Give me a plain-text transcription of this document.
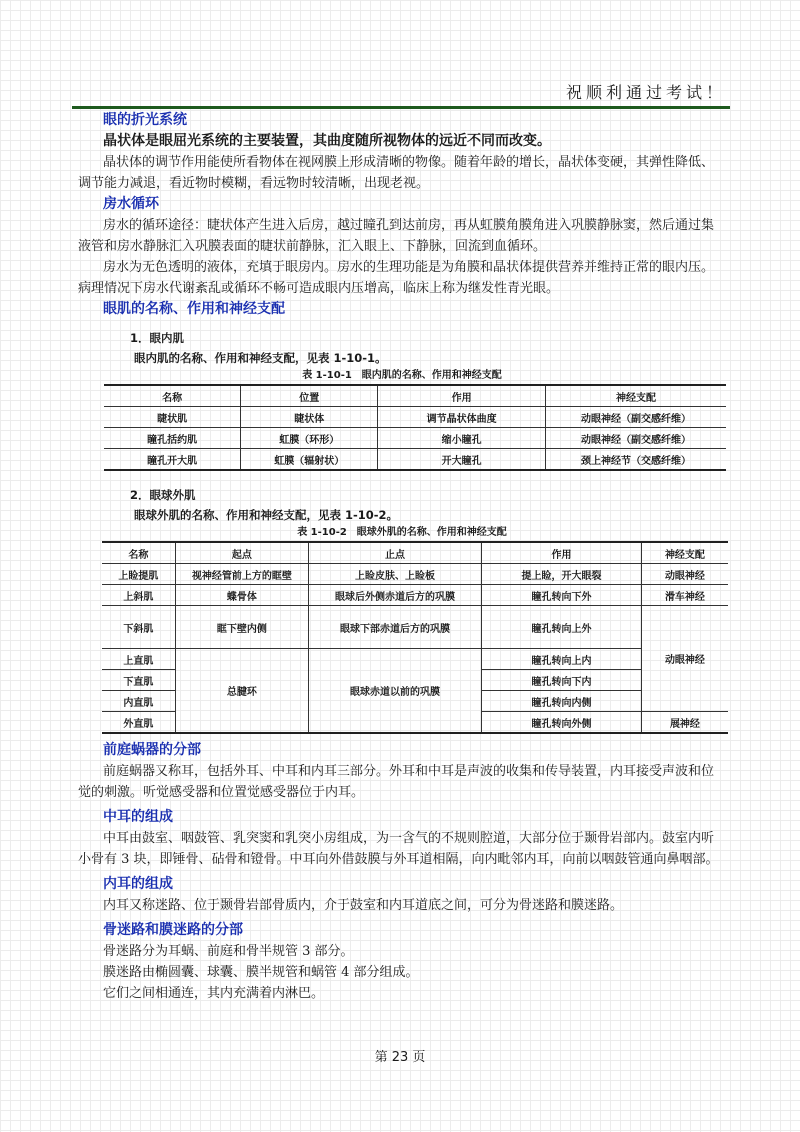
祝顺利通过考试！
眼的折光系统
晶状体是眼屈光系统的主要装置，其曲度随所视物体的远近不同而改变。

晶状体的调节作用能使所看物体在视网膜上形成清晰的物像。随着年龄的增长，晶状体变硬，其弹性降低、调节能力减退，看近物时模糊，看远物时较清晰，出现老视。

房水循环

房水的循环途径：睫状体产生进入后房，越过瞳孔到达前房，再从虹膜角膜角进入巩膜静脉窦，然后通过集液管和房水静脉汇入巩膜表面的睫状前静脉，汇入眼上、下静脉，回流到血循环。

房水为无色透明的液体，充填于眼房内。房水的生理功能是为角膜和晶状体提供营养并维持正常的眼内压。病理情况下房水代谢紊乱或循环不畅可造成眼内压增高，临床上称为继发性青光眼。

眼肌的名称、作用和神经支配
1．眼内肌
眼内肌的名称、作用和神经支配，见表 1-10-1。
表 1-10-1　眼内肌的名称、作用和神经支配
名称	位置	作用	神经支配
睫状肌	睫状体	调节晶状体曲度	动眼神经（副交感纤维）
瞳孔括约肌	虹膜（环形）	缩小瞳孔	动眼神经（副交感纤维）
瞳孔开大肌	虹膜（辐射状）	开大瞳孔	颈上神经节（交感纤维）
2．眼球外肌
眼球外肌的名称、作用和神经支配，见表 1-10-2。
表 1-10-2　眼球外肌的名称、作用和神经支配
名称	起点	止点	作用	神经支配
上睑提肌	视神经管前上方的眶壁	上睑皮肤、上睑板	提上睑，开大眼裂	动眼神经
上斜肌	蝶骨体	眼球后外侧赤道后方的巩膜	瞳孔转向下外	滑车神经
下斜肌	眶下壁内侧	眼球下部赤道后方的巩膜	瞳孔转向上外	动眼神经
上直肌	总腱环	眼球赤道以前的巩膜	瞳孔转向上内	
下直肌			瞳孔转向下内	
内直肌			瞳孔转向内侧	
外直肌			瞳孔转向外侧	展神经
前庭蜗器的分部

前庭蜗器又称耳，包括外耳、中耳和内耳三部分。外耳和中耳是声波的收集和传导装置，内耳接受声波和位觉的刺激。听觉感受器和位置觉感受器位于内耳。

中耳的组成

中耳由鼓室、咽鼓管、乳突窦和乳突小房组成，为一含气的不规则腔道，大部分位于颞骨岩部内。鼓室内听小骨有 3 块，即锤骨、砧骨和镫骨。中耳向外借鼓膜与外耳道相隔，向内毗邻内耳，向前以咽鼓管通向鼻咽部。

内耳的组成

内耳又称迷路、位于颞骨岩部骨质内，介于鼓室和内耳道底之间，可分为骨迷路和膜迷路。

骨迷路和膜迷路的分部

骨迷路分为耳蜗、前庭和骨半规管 3 部分。

膜迷路由椭圆囊、球囊、膜半规管和蜗管 4 部分组成。

它们之间相通连，其内充满着内淋巴。

第 23 页
